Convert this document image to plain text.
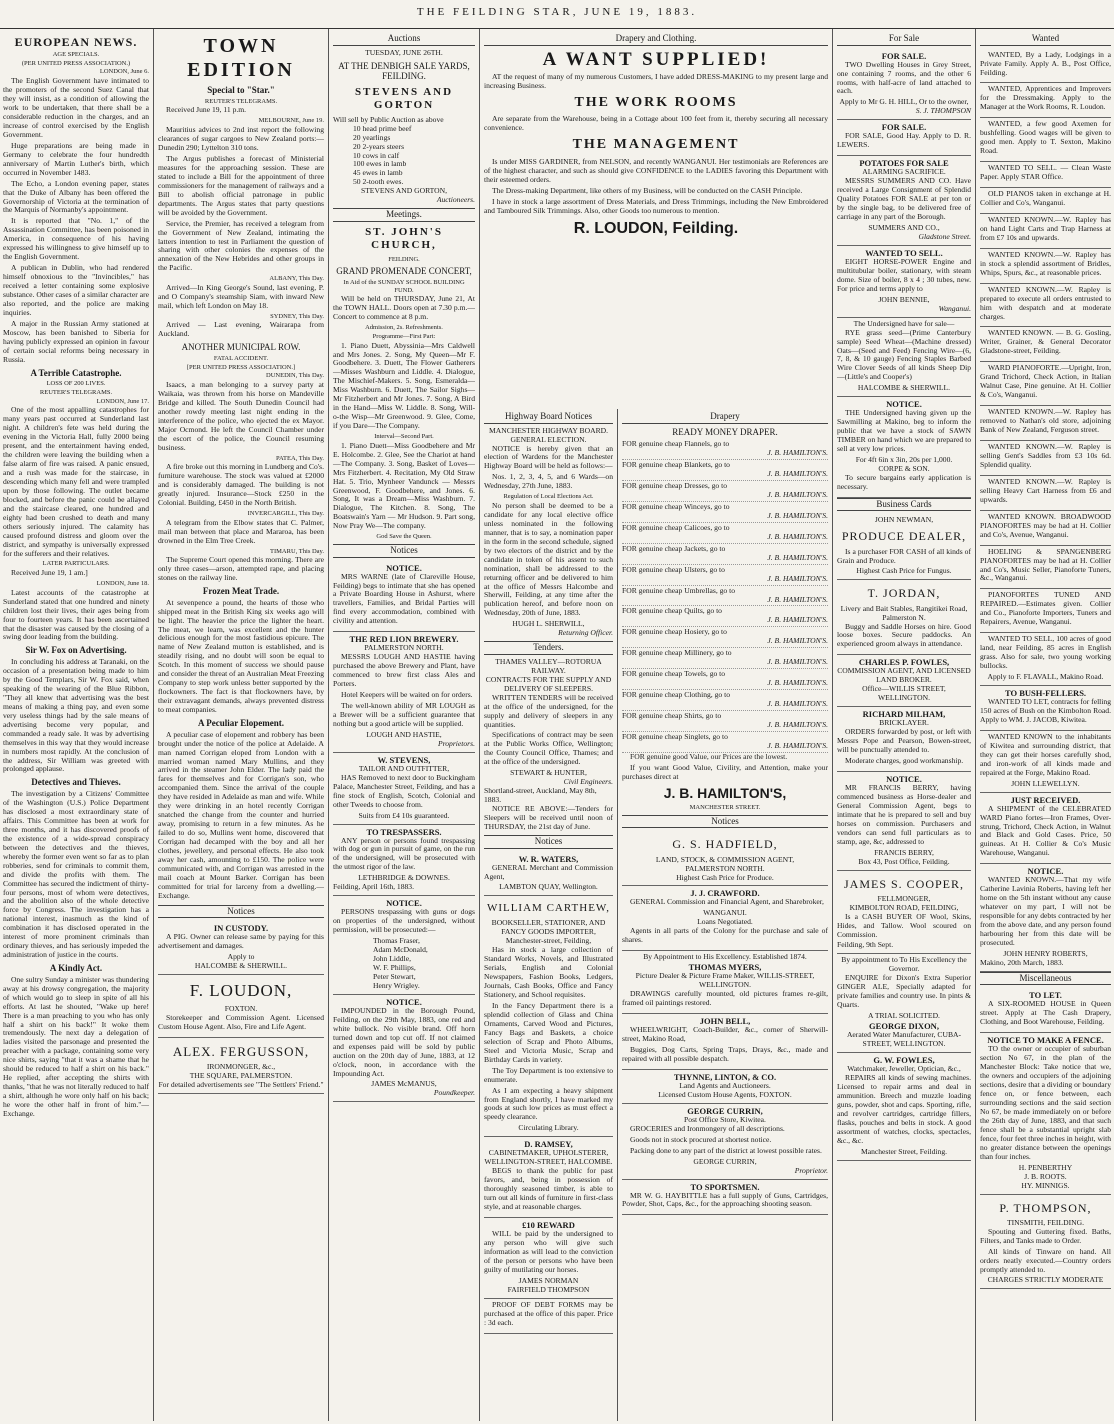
THE FEILDING STAR, JUNE 19, 1883.
EUROPEAN NEWS.
AGE SPECIALS.
(PER UNITED PRESS ASSOCIATION.)
LONDON, June 6.

The English Government have intimated to the promoters of the second Suez Canal that they will insist, as a condition of allowing the work to be undertaken, that there shall be a considerable reduction in the charges, and an increase of control exercised by the English Government.

Huge preparations are being made in Germany to celebrate the four hundredth anniversary of Martin Luther's birth, which occurred in November 1483.

The Echo, a London evening paper, states that the Duke of Albany has been offered the Governorship of Victoria at the termination of the Marquis of Normanby's appointment.

It is reported that "No. 1," of the Assassination Committee, has been poisoned in America, in consequence of his having expressed his willingness to give himself up to the English Government.

A publican in Dublin, who had rendered himself obnoxious to the "Invincibles," has received a letter containing some explosive substance. Other cases of a similar character are also reported, and the police are making inquiries.

A major in the Russian Army stationed at Moscow, has been banished to Siberia for having publicly expressed an opinion in favour of certain social reforms being necessary in Russia.

A Terrible Catastrophe.
LOSS OF 200 LIVES.
REUTER'S TELEGRAMS.
LONDON, June 17.

One of the most appalling catastrophes for many years past occurred at Sunderland last night. A children's fete was held during the evening in the Victoria Hall, fully 2000 being present, and the entertainment having ended, the children were leaving the building when a false alarm of fire was raised. A panic ensued, and a rush was made for the staircase, in descending which many fell and were trampled upon by those following. The outlet became blocked, and before the panic could be allayed and the staircase cleared, one hundred and eighty had been crushed to death and many others seriously injured. The calamity has caused profound distress and gloom over the district, and sympathy is universally expressed for the sufferers and their relatives.

LATER PARTICULARS.

Received June 19, 1 am.]

LONDON, June 18.

Latest accounts of the catastrophe at Sunderland stated that one hundred and ninety children lost their lives, their ages being from four to fourteen years. It has been ascertained that the disaster was caused by the closing of a swing door leading from the building.

Sir W. Fox on Advertising.

In concluding his address at Taranaki, on the occasion of a presentation being made to him by the Good Templars, Sir W. Fox said, when speaking of the wearing of the Blue Ribbon, "They all knew that advertising was the best means of making a thing pay, and even some very useless things had by the sale means of advertising become very popular, and commanded a ready sale. It was by advertising themselves in this way that they would increase in numbers most rapidly. At the conclusion of the address, Sir William was greeted with prolonged applause.

Detectives and Thieves.

The investigation by a Citizens' Committee of the Washington (U.S.) Police Department has disclosed a most extraordinary state of affairs. This Committee has been at work for three months, and it has discovered proofs of the existence of a wide-spread conspiracy between the detectives and the thieves, whereby the former even went so far as to plan robberies, send for criminals to commit them, and divide the profits with them. The Committee has secured the indictment of thirty-four persons, most of whom were detectives, and the abolition also of the whole detective force by Congress. The investigation has a national interest, inasmuch as the kind of combination it has disclosed operated in the interest of more prominent criminals than ordinary thieves, and has seriously impeded the administration of justice in the courts.

A Kindly Act.

One sultry Sunday a minister was thundering away at his drowsy congregation, the majority of which would go to sleep in spite of all his efforts. At last he shouted, "Wake up here! There is a man preaching to you who has only half a shirt on his back!" It woke them tremendously. The next day a delegation of ladies visited the parsonage and presented the preacher with a package, containing some very nice shirts, saying "that it was a shame that he should be reduced to half a shirt on his back." He replied, after accepting the shirts with thanks, "that he was not literally reduced to half a shirt, although he wore only half on his back; he wore the other half in front of him."—Exchange.

TOWN EDITION
Special to "Star."
REUTER'S TELEGRAMS.

Received June 19, 11 p.m.

MELBOURNE, June 19.

Mauritius advices to 2nd inst report the following clearances of sugar cargoes to New Zealand ports:—Dunedin 290; Lyttelton 310 tons.

The Argus publishes a forecast of Ministerial measures for the approaching session. These are stated to include a Bill for the appointment of three commissioners for the management of railways and a Bill to abolish official patronage in public departments. The Argus states that party questions will be avoided by the Government.

Service, the Premier, has received a telegram from the Government of New Zealand, intimating the latters intention to test in Parliament the question of sharing with other colonies the expenses of the annexation of the New Hebrides and other groups in the Pacific.

ALBANY, This Day.

Arrived—In King George's Sound, last evening, P. and O Company's steamship Siam, with inward New mail, which left London on May 18.

SYDNEY, This Day.

Arrived — Last evening, Wairarapa from Auckland.

ANOTHER MUNICIPAL ROW.
FATAL ACCIDENT.
[PER UNITED PRESS ASSOCIATION.]
DUNEDIN, This Day.

Isaacs, a man belonging to a survey party at Waikaia, was thrown from his horse on Mandeville Bridge and killed. The South Dunedin Council had another rowdy meeting last night ending in the interference of the police, who ejected the ex Mayor. Major Ocmond. He left the Council Chamber under the escort of the police, the Council resuming business.

PATEA, This Day.

A fire broke out this morning in Lundberg and Co's. furniture warehouse. The stock was valued at £2000 and is considerably damaged. The building is not greatly injured. Insurance—Stock £250 in the Colonial. Building, £450 in the North British.

INVERCARGILL, This Day.

A telegram from the Elbow states that C. Palmer, mail man between that place and Mararoa, has been drowned in the Elm Tree Creek.

TIMARU, This Day.

The Supreme Court opened this morning. There are only three cases—arson, attempted rape, and placing stones on the railway line.

Frozen Meat Trade.

At sevenpence a pound, the hearts of those who shipped meat in the British King six weeks ago will be light. The heavier the price the lighter the heart. The meat, we learn, was excellent and the hunter delicious enough for the most fastidious epicure. The name of New Zealand mutton is established, and is steadily rising, and no doubt will soon be equal to Scotch. In this moment of success we should pause and consider the threat of an Australian Meat Freezing Company to step work unless better supported by the flockowners. The fact is that flockowners have, by their extravagant demands, always prevented distress to meat companies.

A Peculiar Elopement.

A peculiar case of elopement and robbery has been brought under the notice of the police at Adelaide. A man named Corrigan eloped from London with a married woman named Mary Mullins, and they arrived in the steamer John Elder. The lady paid the fares for themselves and for Corrigan's son, who accompanied them. Since the arrival of the couple they have resided in Adelaide as man and wife. While they were drinking in an hotel recently Corrigan snatched the change from the counter and hurried away, promising to return in a few minutes. As he failed to do so, Mullins went home, discovered that Corrigan had decamped with the boy and all her clothes, jewellery, and personal effects. He also took away her cash, amounting to £150. The police were communicated with, and Corrigan was arrested in the mail coach at Mount Barker. Corrigan has been committed for trial for larceny from a dwelling.—Exchange.

Notices
IN CUSTODY.

A PIG. Owner can release same by paying for this advertisement and damages.

Apply to
HALCOMBE & SHERWILL.
F. LOUDON,
FOXTON.

Storekeeper and Commission Agent. Licensed Custom House Agent. Also, Fire and Life Agent.

ALEX. FERGUSSON,
IRONMONGER, &c.,
THE SQUARE, PALMERSTON.
For detailed advertisements see "The Settlers' Friend."
Auctions
TUESDAY, JUNE 26TH.
AT THE DENBIGH SALE YARDS, FEILDING.
STEVENS AND GORTON
Will sell by Public Auction as above
10 head prime beef
20 yearlings
20 2-years steers
10 cows in calf
100 ewes in lamb
45 ewes in lamb
50 2-tooth ewes.
STEVENS AND GORTON,
Auctioneers.
Meetings.
ST. JOHN'S CHURCH,
FEILDING.
GRAND PROMENADE CONCERT,
In Aid of the SUNDAY SCHOOL BUILDING FUND.

Will be held on THURSDAY, June 21, At the TOWN HALL. Doors open at 7.30 p.m.—Concert to commence at 8 p.m.

Admission, 2s. Refreshments.
Programme—First Part:

1. Piano Duett, Abyssinia—Mrs Caldwell and Mrs Jones. 2. Song, My Queen—Mr F. Goodbehere. 3. Duett, The Flower Gatherers—Misses Washburn and Liddle. 4. Dialogue, The Mischief-Makers. 5. Song, Esmeralda—Miss Washburn. 6. Duett, The Sailor Sighs—Mr Fitzherbert and Mr Jones. 7. Song, A Bird in the Hand—Miss W. Liddle. 8. Song, Will-o-the Wisp—Mr Greenwood. 9. Glee, Come, if you Dare—The Company.

Interval—Second Part.

1. Piano Duett—Miss Goodbehere and Mr E. Holcombe. 2. Glee, See the Chariot at hand—The Company. 3. Song, Basket of Loves—Mrs Fitzherbert. 4. Recitation, My Old Straw Hat. 5. Trio, Mynheer Vandunck — Messrs Greenwood, F. Goodbehere, and Jones. 6. Song, It was a Dream—Miss Washburn. 7. Dialogue, The Kitchen. 8. Song, The Boatswain's Yarn — Mr Hudson. 9. Part song, Now Pray We—The company.

God Save the Queen.
Notices
NOTICE.

MRS WARNE (late of Clareville House, Feilding) begs to intimate that she has opened a Private Boarding House in Ashurst, where travellers, Families, and Bridal Parties will find every accommodation, combined with civility and attention.

THE RED LION BREWERY.
PALMERSTON NORTH.

MESSRS LOUGH AND HASTIE having purchased the above Brewery and Plant, have commenced to brew first class Ales and Porters.

Hotel Keepers will be waited on for orders.

The well-known ability of MR LOUGH as a Brewer will be a sufficient guarantee that nothing but a good article will be supplied.

LOUGH AND HASTIE,
Proprietors.
W. STEVENS,
TAILOR AND OUTFITTER,

HAS Removed to next door to Buckingham Palace, Manchester Street, Feilding, and has a fine stock of English, Scotch, Colonial and other Tweeds to choose from.

Suits from £4 10s guaranteed.
TO TRESPASSERS.

ANY person or persons found trespassing with dog or gun in pursuit of game, on the run of the undersigned, will be prosecuted with the utmost rigor of the law.

LETHBRIDGE & DOWNES.
Feilding, April 16th, 1883.
NOTICE.

PERSONS trespassing with guns or dogs on properties of the undersigned, without permission, will be prosecuted:—

Thomas Fraser,
Adam McDonald,
John Liddle,
W. F. Phillips,
Peter Stewart,
Henry Wrigley.
NOTICE.

IMPOUNDED in the Borough Pound, Feilding, on the 29th May, 1883, one red and white bullock. No visible brand. Off horn turned down and top cut off. If not claimed and expenses paid will be sold by public auction on the 20th day of June, 1883, at 12 o'clock, noon, in accordance with the Impounding Act.

JAMES McMANUS,
Poundkeeper.
Drapery and Clothing.
A WANT SUPPLIED!

AT the request of many of my numerous Customers, I have added DRESS-MAKING to my present large and increasing Business.

THE WORK ROOMS

Are separate from the Warehouse, being in a Cottage about 100 feet from it, thereby securing all necessary convenience.

THE MANAGEMENT

Is under MISS GARDINER, from NELSON, and recently WANGANUI. Her testimonials are References are of the highest character, and such as should give CONFIDENCE to the LADIES favoring this Department with their esteemed orders.

The Dress-making Department, like others of my Business, will be conducted on the CASH Principle.

I have in stock a large assortment of Dress Materials, and Dress Trimmings, including the New Embroidered and Tamboured Silk Trimmings. Also, other Goods too numerous to mention.

R. LOUDON, Feilding.
Highway Board Notices
MANCHESTER HIGHWAY BOARD.
GENERAL ELECTION.

NOTICE is hereby given that an election of Wardens for the Manchester Highway Board will be held as follows:—

Nos. 1, 2, 3, 4, 5, and 6 Wards—on Wednesday, 27th June, 1883.

Regulation of Local Elections Act.

No person shall be deemed to be a candidate for any local elective office unless nominated in the following manner, that is to say, a nomination paper in the form in the second schedule, signed by two electors of the district and by the candidate in token of his assent to such nomination, shall be addressed to the returning officer and be delivered to him at the office of Messrs Halcombe and Sherwill, Feilding, at any time after the publication hereof, and before noon on Wednesday, 20th of June, 1883.

HUGH L. SHERWILL,
Returning Officer.
Tenders.
THAMES VALLEY—ROTORUA RAILWAY.
CONTRACTS FOR THE SUPPLY AND DELIVERY OF SLEEPERS.

WRITTEN TENDERS will be received at the office of the undersigned, for the supply and delivery of sleepers in any quantities.

Specifications of contract may be seen at the Public Works Office, Wellington; the County Council Office, Thames; and at the office of the undersigned.

STEWART & HUNTER,
Civil Engineers.
Shortland-street, Auckland, May 8th, 1883.

NOTICE RE ABOVE:—Tenders for Sleepers will be received until noon of THURSDAY, the 21st day of June.

Notices
W. R. WATERS,

GENERAL Merchant and Commission Agent,

LAMBTON QUAY, Wellington.
WILLIAM CARTHEW,
BOOKSELLER, STATIONER, AND FANCY GOODS IMPORTER,
Manchester-street, Feilding,

Has in stock a large collection of Standard Works, Novels, and Illustrated Serials, English and Colonial Newspapers, Fashion Books, Ledgers, Journals, Cash Books, Office and Fancy Stationery, and School requisites.

In the Fancy Department there is a splendid collection of Glass and China Ornaments, Carved Wood and Pictures, Fancy Bags and Baskets, a choice selection of Scrap and Photo Albums, Steel and Victoria Music, Scrap and Birthday Cards in variety.

The Toy Department is too extensive to enumerate.

As I am expecting a heavy shipment from England shortly, I have marked my goods at such low prices as must effect a speedy clearance.

Circulating Library.
D. RAMSEY,
CABINETMAKER, UPHOLSTERER,
WELLINGTON-STREET, HALCOMBE.

BEGS to thank the public for past favors, and, being in possession of thoroughly seasoned timber, is able to turn out all kinds of furniture in first-class style, and at reasonable charges.

£10 REWARD

WILL be paid by the undersigned to any person who will give such information as will lead to the conviction of the person or persons who have been guilty of mutilating our horses.

JAMES NORMAN
FAIRFIELD THOMPSON

PROOF OF DEBT FORMS may be purchased at the office of this paper. Price : 3d each.

Drapery
READY MONEY DRAPER.
FOR genuine cheap Flannels, go to
J. B. HAMILTON'S.
FOR genuine cheap Blankets, go to
J. B. HAMILTON'S.
FOR genuine cheap Dresses, go to
J. B. HAMILTON'S.
FOR genuine cheap Winceys, go to
J. B. HAMILTON'S.
FOR genuine cheap Calicoes, go to
J. B. HAMILTON'S.
FOR genuine cheap Jackets, go to
J. B. HAMILTON'S.
FOR genuine cheap Ulsters, go to
J. B. HAMILTON'S.
FOR genuine cheap Umbrellas, go to
J. B. HAMILTON'S.
FOR genuine cheap Quilts, go to
J. B. HAMILTON'S.
FOR genuine cheap Hosiery, go to
J. B. HAMILTON'S.
FOR genuine cheap Millinery, go to
J. B. HAMILTON'S.
FOR genuine cheap Towels, go to
J. B. HAMILTON'S.
FOR genuine cheap Clothing, go to
J. B. HAMILTON'S.
FOR genuine cheap Shirts, go to
J. B. HAMILTON'S.
FOR genuine cheap Singlets, go to
J. B. HAMILTON'S.

FOR genuine good Value, our Prices are the lowest.

If you want Good Value, Civility, and Attention, make your purchases direct at

J. B. HAMILTON'S,
MANCHESTER STREET.
Notices
G. S. HADFIELD,
LAND, STOCK, & COMMISSION AGENT,
PALMERSTON NORTH.
Highest Cash Price for Produce.
J. J. CRAWFORD.

GENERAL Commission and Financial Agent, and Sharebroker,

WANGANUI.
Loans Negotiated.

Agents in all parts of the Colony for the purchase and sale of shares.

By Appointment to His Excellency. Established 1874.
THOMAS MYERS,
Picture Dealer & Picture Frame Maker, WILLIS-STREET, WELLINGTON.

DRAWINGS carefully mounted, old pictures frames re-gilt, framed oil paintings restored.

JOHN BELL,

WHEELWRIGHT, Coach-Builder, &c., corner of Sherwill-street, Makino Road,

Buggies, Dog Carts, Spring Traps, Drays, &c., made and repaired with all possible despatch.

THYNNE, LINTON, & CO.
Land Agents and Auctioneers.
Licensed Custom House Agents, FOXTON.
GEORGE CURRIN,
Post Office Store, Kiwitea.

GROCERIES and Ironmongery of all descriptions.

Goods not in stock procured at shortest notice.

Packing done to any part of the district at lowest possible rates.

GEORGE CURRIN,
Proprietor.
TO SPORTSMEN.

MR W. G. HAYBITTLE has a full supply of Guns, Cartridges, Powder, Shot, Caps, &c., for the approaching shooting season.

For Sale
FOR SALE.

TWO Dwelling Houses in Grey Street, one containing 7 rooms, and the other 6 rooms, with half-acre of land attached to each.

Apply to Mr G. H. HILL, Or to the owner,
S. J. THOMPSON
FOR SALE.

FOR SALE, Good Hay. Apply to D. R. LEWERS.

POTATOES FOR SALE
ALARMING SACRIFICE.

MESSRS SUMMERS AND CO. Have received a Large Consignment of Splendid Quality Potatoes FOR SALE at per ton or by the single bag, to be delivered free of carriage in any part of the Borough.

SUMMERS AND CO.,
Gladstone Street.
WANTED TO SELL.

EIGHT HORSE-POWER Engine and multitubular boiler, stationary, with steam dome. Size of boiler, 8 x 4 ; 30 tubes, new. For price and terms apply to

JOHN BENNIE,
Wanganui.
The Undersigned have for sale—

RYE grass seed—(Prime Canterbury sample) Seed Wheat—(Machine dressed) Oats—(Seed and Feed) Fencing Wire—(6, 7, 8, & 10 gauge) Fencing Staples Barbed Wire Clover Seeds of all kinds Sheep Dip—(Little's and Cooper's)

HALCOMBE & SHERWILL.
NOTICE.

THE Undersigned having given up the Sawmilling at Makino, beg to inform the public that we have a stock of SAWN TIMBER on hand which we are prepared to sell at very low prices.

For 4ft 6in x 3in, 20s per 1,000.
CORPE & SON.

To secure bargains early application is necessary.

Business Cards
JOHN NEWMAN,
PRODUCE DEALER,

Is a purchaser FOR CASH of all kinds of Grain and Produce.

Highest Cash Price for Fungus.
T. JORDAN,
Livery and Bait Stables, Rangitikei Road, Palmerston N.

Buggy and Saddle Horses on hire. Good loose boxes. Secure paddocks. An experienced groom always in attendance.

CHARLES P. FOWLES,
COMMISSION AGENT, AND LICENSED LAND BROKER.
Office—WILLIS STREET, WELLINGTON.
RICHARD MILHAM,
BRICKLAYER.

ORDERS forwarded by post, or left with Messrs Pope and Pearson, Bowen-street, will be punctually attended to.

Moderate charges, good workmanship.

NOTICE.

MR FRANCIS BERRY, having commenced business as Horse-dealer and General Commission Agent, begs to intimate that he is prepared to sell and buy horses on commission. Purchasers and vendors can send full particulars as to stamp, age, &c, addressed to

FRANCIS BERRY,
Box 43, Post Office, Feilding.
JAMES S. COOPER,
FELLMONGER,
KIMBOLTON ROAD, FEILDING,

Is a CASH BUYER OF Wool, Skins, Hides, and Tallow. Wool scoured on Commission.

Feilding, 9th Sept.
By appointment to To His Excellency the Governor.

ENQUIRE for Dixon's Extra Superior GINGER ALE, Specially adapted for private families and country use. In pints & Quarts.

A TRIAL SOLICITED.
GEORGE DIXON,
Aerated Water Manufacturer, CUBA-STREET, WELLINGTON.
G. W. FOWLES,
Watchmaker, Jeweller, Optician, &c.,

REPAIRS all kinds of sewing machines. Licensed to repair arms and deal in ammunition. Breech and muzzle loading guns, powder, shot and caps. Sporting, rifle, and revolver cartridges, cartridge fillers, flasks, pouches and belts in stock. A good assortment of watches, clocks, spectacles, &c., &c.

Manchester Street, Feilding.
Wanted

WANTED, By a Lady, Lodgings in a Private Family. Apply A. B., Post Office, Feilding.

WANTED, Apprentices and Improvers for the Dressmaking. Apply to the Manager at the Work Rooms, R. Loudon.

WANTED, a few good Axemen for bushfelling. Good wages will be given to good men. Apply to T. Sexton, Makino Road.

WANTED TO SELL. — Clean Waste Paper. Apply STAR Office.

OLD PIANOS taken in exchange at H. Collier and Co's, Wanganui.

WANTED KNOWN.—W. Rapley has on hand Light Carts and Trap Harness at from £7 10s and upwards.

WANTED KNOWN.—W. Rapley has in stock a splendid assortment of Bridles, Whips, Spurs, &c., at reasonable prices.

WANTED KNOWN.—W. Rapley is prepared to execute all orders entrusted to him with despatch and at moderate charges.

WANTED KNOWN. — B. G. Gosling, Writer, Grainer, & General Decorator Gladstone-street, Feilding.

WARD PIANOFORTE.—Upright, Iron, Grand Trichord, Check Action, in Italian Walnut Case, Pine genuine. At H. Collier & Co's, Wanganui.

WANTED KNOWN.—W. Rapley has removed to Nathan's old store, adjoining Bank of New Zealand, Ferguson street.

WANTED KNOWN.—W. Rapley is selling Gent's Saddles from £3 10s 6d. Splendid quality.

WANTED KNOWN.—W. Rapley is selling Heavy Cart Harness from £6 and upwards.

WANTED KNOWN. BROADWOOD PIANOFORTES may be had at H. Collier and Co's, Avenue, Wanganui.

HOELING & SPANGENBERG PIANOFORTES may be had at H. Collier and Co's, Music Seller, Pianoforte Tuners, &c., Wanganui.

PIANOFORTES TUNED AND REPAIRED.—Estimates given. Collier and Co., Pianoforte Importers, Tuners and Repairers, Avenue, Wanganui.

WANTED TO SELL, 100 acres of good land, near Feilding, 85 acres in English grass. Also for sale, two young working bullocks.

Apply to F. FLAVALL, Makino Road.
TO BUSH-FELLERS.

WANTED TO LET, contracts for felling 150 acres of Bush on the Kimbolton Road. Apply to WM. J. JACOB, Kiwitea.

WANTED KNOWN to the inhabitants of Kiwitea and surrounding district, that they can get their horses carefully shod, and iron-work of all kinds made and repaired at the Forge, Makino Road.

JOHN LLEWELLYN.
JUST RECEIVED.

A SHIPMENT of the CELEBRATED WARD Piano fortes—Iron Frames, Over-strung, Trichord, Check Action, in Walnut and Black and Gold Cases. Price, 50 guineas. At H. Collier & Co's Music Warehouse, Wanganui.

NOTICE.

WANTED KNOWN.—That my wife Catherine Lavinia Roberts, having left her home on the 5th instant without any cause whatever on my part, I will not be responsible for any debts contracted by her from the above date, and any person found harbouring her from this date will be prosecuted.

JOHN HENRY ROBERTS,
Makino, 20th March, 1883.
Miscellaneous
TO LET.

A SIX-ROOMED HOUSE in Queen street. Apply at The Cash Drapery, Clothing, and Boot Warehouse, Feilding.

NOTICE TO MAKE A FENCE.

TO the owner or occupier of suburban section No 67, in the plan of the Manchester Block: Take notice that we, the owners and occupiers of the adjoining sections, desire that a dividing or boundary fence on, or fence between, each surrounding sections and the said section No 67, be made immediately on or before the 26th day of June, 1883, and that such fence shall be a substantial upright slab fence, four feet three inches in height, with no greater distance between the openings than four inches.

H. PENBERTHY
J. B. ROOTS.
HY. MINNIGS.
P. THOMPSON,
TINSMITH, FEILDING.

Spouting and Guttering fixed. Baths, Filters, and Tanks made to Order.

All kinds of Tinware on hand. All orders neatly executed.—Country orders promptly attended to.

CHARGES STRICTLY MODERATE
